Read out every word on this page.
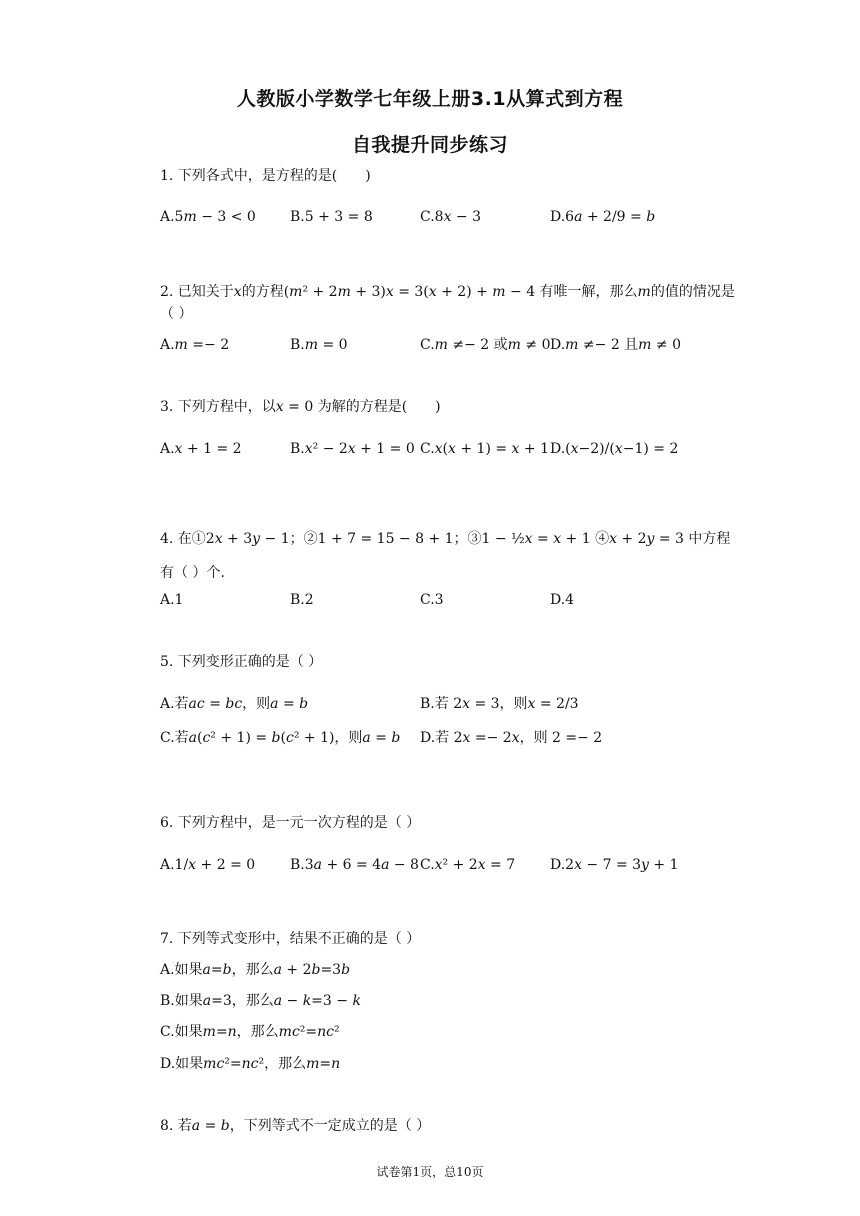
人教版小学数学七年级上册3.1从算式到方程
自我提升同步练习
1. 下列各式中，是方程的是(　　)
A.5𝑚 − 3 < 0 B.5 + 3 = 8	C.8𝑥 − 3	D.6𝑎 + 2/9 = 𝑏
2. 已知关于𝑥的方程(𝑚² + 2𝑚 + 3)𝑥 = 3(𝑥 + 2) + 𝑚 − 4 有唯一解，那么𝑚的值的情况是（ ）
A.𝑚 =− 2	B.𝑚 = 0	C.𝑚 ≠− 2 或𝑚 ≠ 0 D.𝑚 ≠− 2 且𝑚 ≠ 0
3. 下列方程中，以𝑥 = 0 为解的方程是(　　)
A.𝑥 + 1 = 2	B.𝑥² − 2𝑥 + 1 = 0 C.𝑥(𝑥 + 1) = 𝑥 + 1 D.(𝑥−2)/(𝑥−1) = 2
4. 在①2𝑥 + 3𝑦 − 1；②1 + 7 = 15 − 8 + 1；③1 − ½𝑥 = 𝑥 + 1 ④𝑥 + 2𝑦 = 3 中方程有（ ）个.
A.1	B.2	C.3	D.4
5. 下列变形正确的是（ ）
A.若𝑎𝑐 = 𝑏𝑐，则𝑎 = 𝑏	B.若 2𝑥 = 3，则𝑥 = 2/3
C.若𝑎(𝑐² + 1) = 𝑏(𝑐² + 1)，则𝑎 = 𝑏 D.若 2𝑥 =− 2𝑥，则 2 =− 2
6. 下列方程中，是一元一次方程的是（ ）
A.1/𝑥 + 2 = 0 B.3𝑎 + 6 = 4𝑎 − 8 C.𝑥² + 2𝑥 = 7 D.2𝑥 − 7 = 3𝑦 + 1
7. 下列等式变形中，结果不正确的是（ ）
A.如果𝑎=𝑏，那么𝑎 + 2𝑏=3𝑏
B.如果𝑎=3，那么𝑎 − 𝑘=3 − 𝑘
C.如果𝑚=𝑛，那么𝑚𝑐²=𝑛𝑐²
D.如果𝑚𝑐²=𝑛𝑐²，那么𝑚=𝑛
8. 若𝑎 = 𝑏，下列等式不一定成立的是（ ）
试卷第1页，总10页
